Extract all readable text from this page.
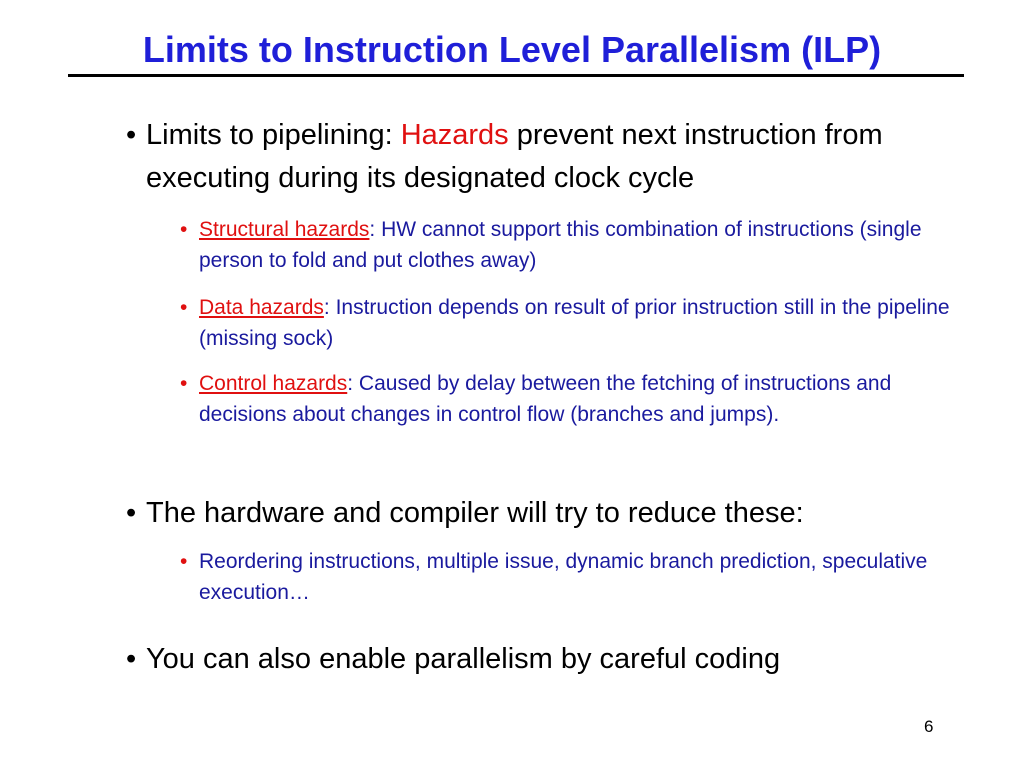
Limits to Instruction Level Parallelism (ILP)
• Limits to pipelining: Hazards prevent next instruction from executing during its designated clock cycle
• Structural hazards: HW cannot support this combination of instructions (single person to fold and put clothes away)
• Data hazards: Instruction depends on result of prior instruction still in the pipeline (missing sock)
• Control hazards: Caused by delay between the fetching of instructions and decisions about changes in control flow (branches and jumps).
• The hardware and compiler will try to reduce these:
• Reordering instructions, multiple issue, dynamic branch prediction, speculative execution…
• You can also enable parallelism by careful coding
6
